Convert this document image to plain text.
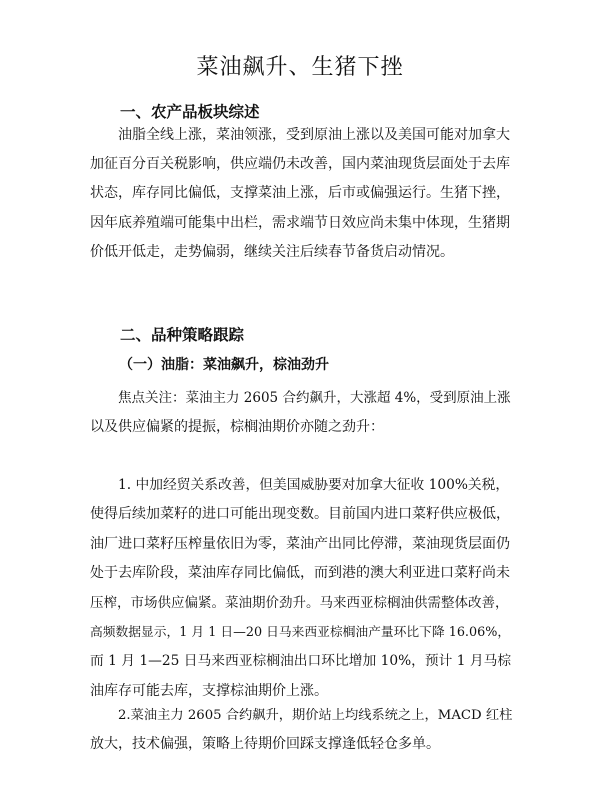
菜油飙升、生猪下挫
一、农产品板块综述
油脂全线上涨，菜油领涨，受到原油上涨以及美国可能对加拿大
加征百分百关税影响，供应端仍未改善，国内菜油现货层面处于去库
状态，库存同比偏低，支撑菜油上涨，后市或偏强运行。生猪下挫，
因年底养殖端可能集中出栏，需求端节日效应尚未集中体现，生猪期
价低开低走，走势偏弱，继续关注后续春节备货启动情况。
二、品种策略跟踪
（一）油脂：菜油飙升，棕油劲升
焦点关注：菜油主力 2605 合约飙升，大涨超 4%，受到原油上涨
以及供应偏紧的提振，棕榈油期价亦随之劲升：
1. 中加经贸关系改善，但美国威胁要对加拿大征收 100%关税，
使得后续加菜籽的进口可能出现变数。目前国内进口菜籽供应极低，
油厂进口菜籽压榨量依旧为零，菜油产出同比停滞，菜油现货层面仍
处于去库阶段，菜油库存同比偏低，而到港的澳大利亚进口菜籽尚未
压榨，市场供应偏紧。菜油期价劲升。马来西亚棕榈油供需整体改善，
高频数据显示，1 月 1 日—20 日马来西亚棕榈油产量环比下降 16.06%，
而 1 月 1—25 日马来西亚棕榈油出口环比增加 10%，预计 1 月马棕
油库存可能去库，支撑棕油期价上涨。
2.菜油主力 2605 合约飙升，期价站上均线系统之上，MACD 红柱
放大，技术偏强，策略上待期价回踩支撑逢低轻仓多单。
